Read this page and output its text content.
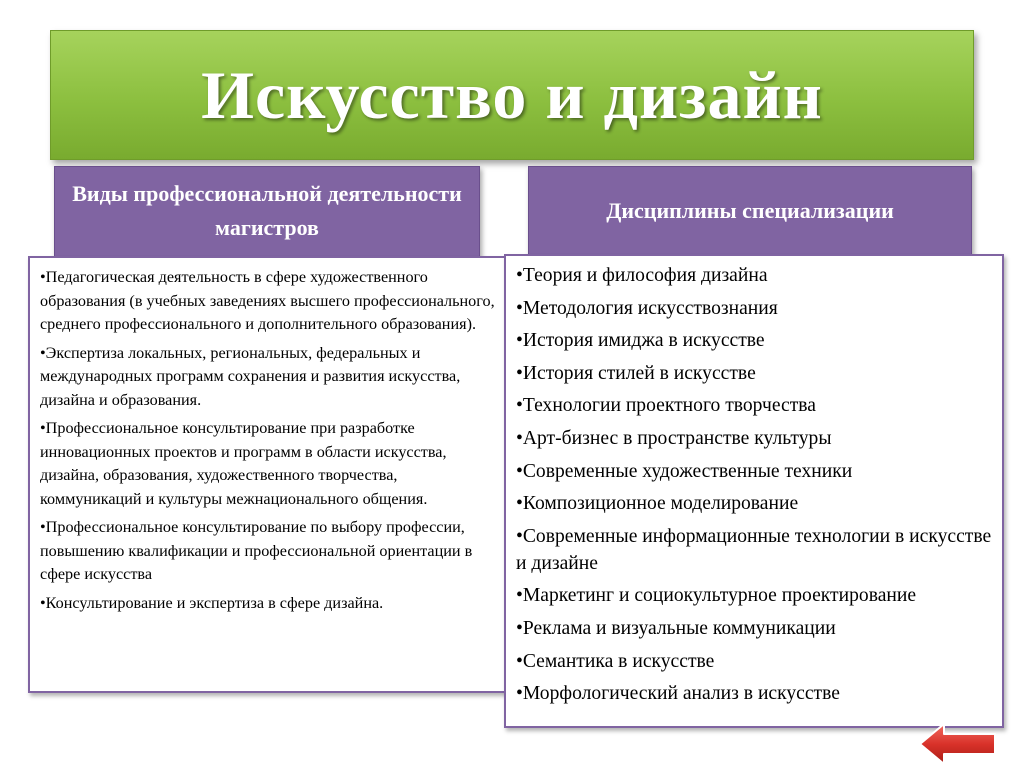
Искусство и дизайн
Виды профессиональной деятельности магистров
Дисциплины специализации

•Педагогическая деятельность в сфере художественного образования (в учебных заведениях высшего профессионального, среднего профессионального и дополнительного образования).

•Экспертиза локальных, региональных, федеральных и международных программ сохранения и развития искусства, дизайна и образования.

•Профессиональное консультирование при разработке инновационных проектов и программ в области искусства, дизайна, образования, художественного творчества, коммуникаций и культуры межнационального общения.

•Профессиональное консультирование по выбору профессии, повышению квалификации и профессиональной ориентации в сфере искусства

•Консультирование и экспертиза в сфере дизайна.

•Теория и философия дизайна

•Методология искусствознания

•История имиджа в искусстве

•История стилей в искусстве

•Технологии проектного творчества

•Арт-бизнес в пространстве культуры

•Современные художественные техники

•Композиционное моделирование

•Современные информационные технологии в искусстве и дизайне

•Маркетинг и социокультурное проектирование

•Реклама и визуальные коммуникации

•Семантика в искусстве

•Морфологический анализ в искусстве
